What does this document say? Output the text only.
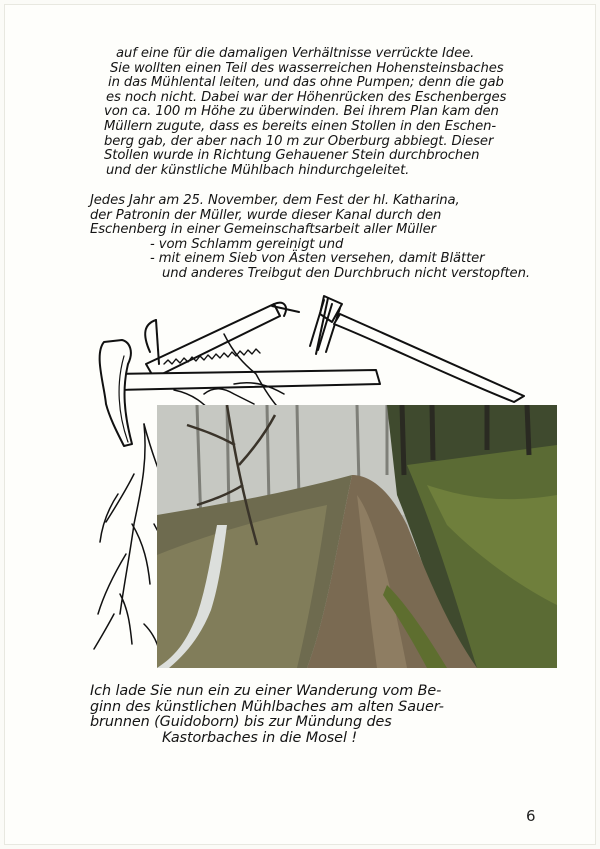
auf eine für die damaligen Verhältnisse verrückte Idee.
Sie wollten einen Teil des wasserreichen Hohensteinsbaches
in das Mühlental leiten, und das ohne Pumpen; denn die gab
es noch nicht. Dabei war der Höhenrücken des Eschenberges
von ca. 100 m Höhe zu überwinden. Bei ihrem Plan kam den
Müllern zugute, dass es bereits einen Stollen in den Eschen-
berg gab, der aber nach 10 m zur Oberburg abbiegt. Dieser
Stollen wurde in Richtung Gehauener Stein durchbrochen
und der künstliche Mühlbach hindurchgeleitet.
Jedes Jahr am 25. November, dem Fest der hl. Katharina,
der Patronin der Müller, wurde dieser Kanal durch den
Eschenberg in einer Gemeinschaftsarbeit aller Müller
- vom Schlamm gereinigt und
- mit einem Sieb von Ästen versehen, damit Blätter
und anderes Treibgut den Durchbruch nicht verstopften.
Ich lade Sie nun ein zu einer Wanderung vom Be-
ginn des künstlichen Mühlbaches am alten Sauer-
brunnen (Guidoborn) bis zur Mündung des
Kastorbaches in die Mosel !
6
